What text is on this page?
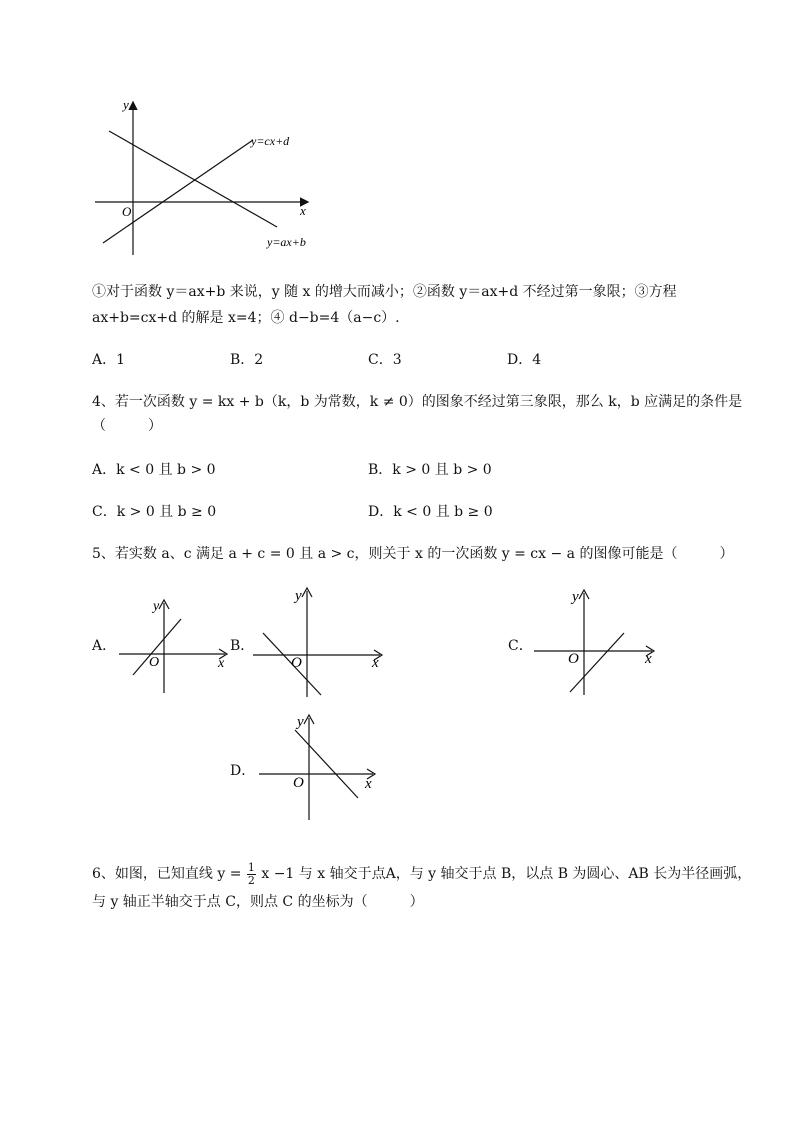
y
x
O
y=cx+d
y=ax+b
①对于函数 y＝ax+b 来说，y 随 x 的增大而减小；②函数 y＝ax+d 不经过第一象限；③方程
ax+b=cx+d 的解是 x=4；④ d−b=4（a−c）.
A．1	B．2	C．3	D．4
4、若一次函数 y = kx + b（k，b 为常数，k ≠ 0）的图象不经过第三象限，那么 k，b 应满足的条件是
（　　　）
A．k < 0 且 b > 0	B．k > 0 且 b > 0
C．k > 0 且 b ≥ 0	D．k < 0 且 b ≥ 0
5、若实数 a、c 满足 a + c = 0 且 a > c，则关于 x 的一次函数 y = cx − a 的图像可能是（　　　）
A．	B．	C．
D．
y
x
O
y
x
O
y
x
O
y
x
O
6、如图，已知直线 $y = \frac{1}{2}$ x −1 与 x 轴交于点A，与 y 轴交于点 B，以点 B 为圆心、AB 长为半径画弧，
与 y 轴正半轴交于点 C，则点 C 的坐标为（　　　）
